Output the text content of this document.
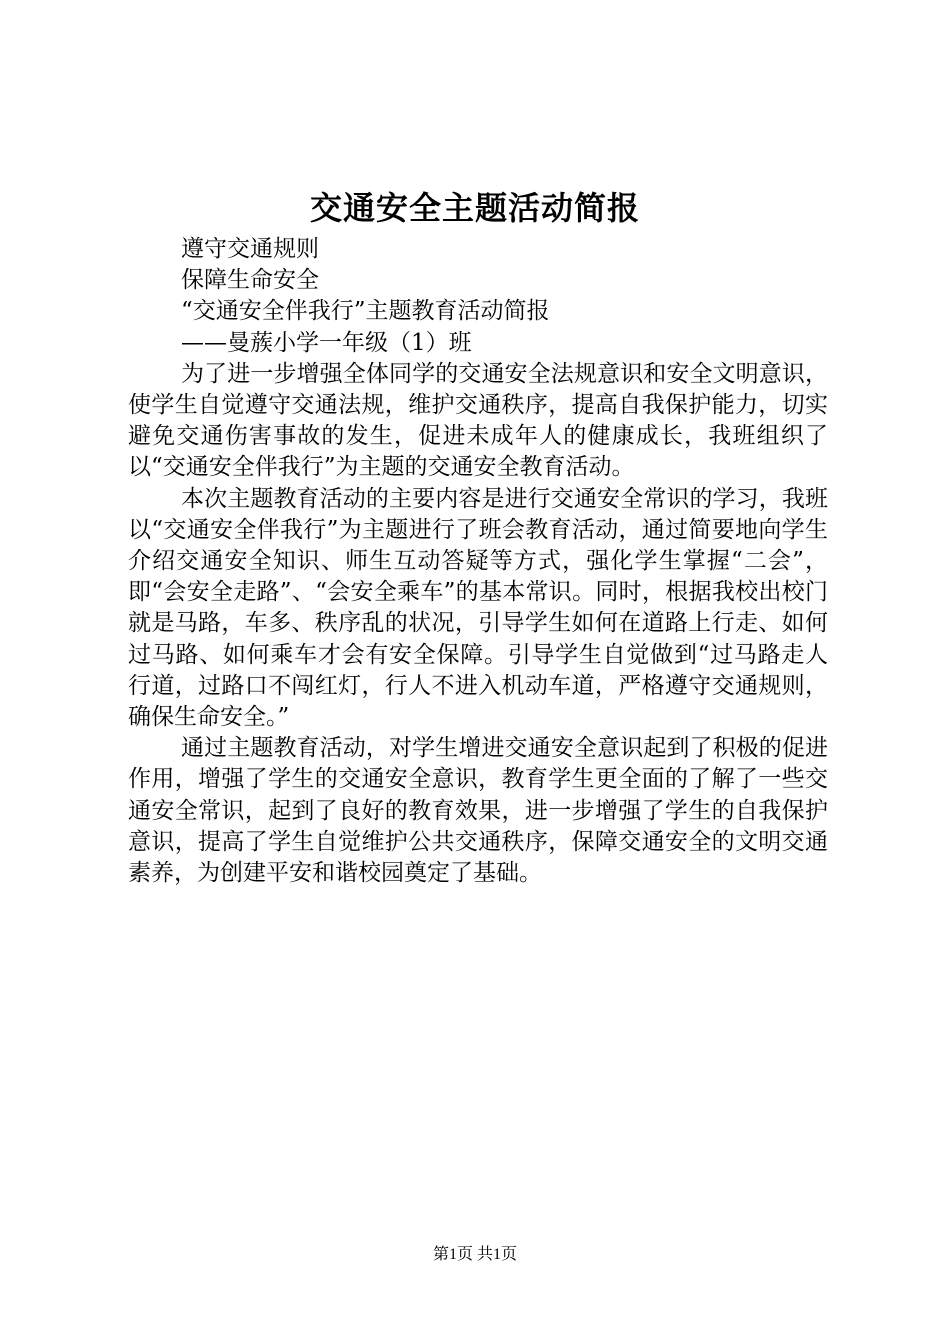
交通安全主题活动简报
遵守交通规则
保障生命安全
“交通安全伴我行”主题教育活动简报
——曼蔟小学一年级（1）班

为了进一步增强全体同学的交通安全法规意识和安全文明意识，使学生自觉遵守交通法规，维护交通秩序，提高自我保护能力，切实避免交通伤害事故的发生，促进未成年人的健康成长，我班组织了以“交通安全伴我行”为主题的交通安全教育活动。

本次主题教育活动的主要内容是进行交通安全常识的学习，我班以“交通安全伴我行”为主题进行了班会教育活动，通过简要地向学生介绍交通安全知识、师生互动答疑等方式，强化学生掌握“二会”，即“会安全走路”、“会安全乘车”的基本常识。同时，根据我校出校门就是马路，车多、秩序乱的状况，引导学生如何在道路上行走、如何过马路、如何乘车才会有安全保障。引导学生自觉做到“过马路走人行道，过路口不闯红灯，行人不进入机动车道，严格遵守交通规则，确保生命安全。”

通过主题教育活动，对学生增进交通安全意识起到了积极的促进作用，增强了学生的交通安全意识，教育学生更全面的了解了一些交通安全常识，起到了良好的教育效果，进一步增强了学生的自我保护意识，提高了学生自觉维护公共交通秩序，保障交通安全的文明交通素养，为创建平安和谐校园奠定了基础。

第1页 共1页
